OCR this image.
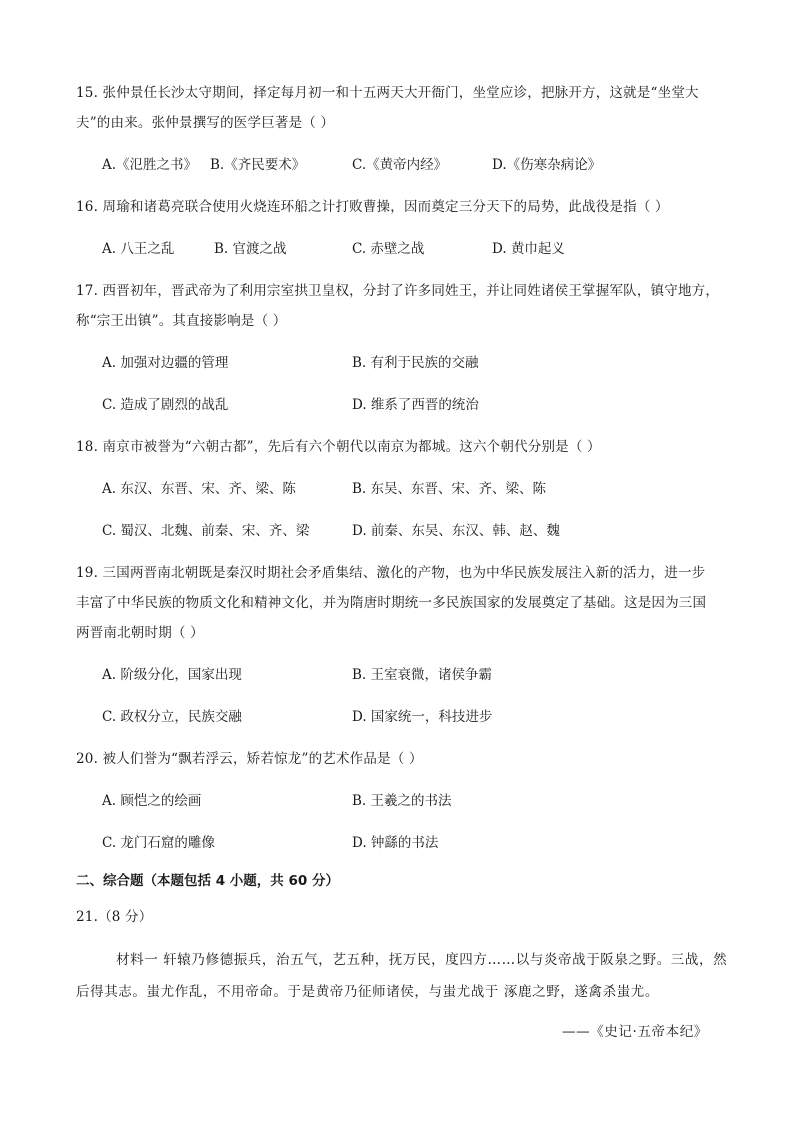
15. 张仲景任长沙太守期间，择定每月初一和十五两天大开衙门，坐堂应诊，把脉开方，这就是“坐堂大
夫”的由来。张仲景撰写的医学巨著是（ ）
A.《氾胜之书》 B.《齐民要术》	C.《黄帝内经》	D.《伤寒杂病论》
16. 周瑜和诸葛亮联合使用火烧连环船之计打败曹操，因而奠定三分天下的局势，此战役是指（ ）
A. 八王之乱	B. 官渡之战	C. 赤壁之战	D. 黄巾起义
17. 西晋初年，晋武帝为了利用宗室拱卫皇权，分封了许多同姓王，并让同姓诸侯王掌握军队，镇守地方，
称“宗王出镇”。其直接影响是（ ）
A. 加强对边疆的管理	B. 有利于民族的交融
C. 造成了剧烈的战乱	D. 维系了西晋的统治
18. 南京市被誉为“六朝古都”，先后有六个朝代以南京为都城。这六个朝代分别是（ ）
A. 东汉、东晋、宋、齐、梁、陈	B. 东吴、东晋、宋、齐、梁、陈
C. 蜀汉、北魏、前秦、宋、齐、梁	D. 前秦、东吴、东汉、韩、赵、魏
19. 三国两晋南北朝既是秦汉时期社会矛盾集结、激化的产物，也为中华民族发展注入新的活力，进一步
丰富了中华民族的物质文化和精神文化，并为隋唐时期统一多民族国家的发展奠定了基础。这是因为三国
两晋南北朝时期（ ）
A. 阶级分化，国家出现	B. 王室衰微，诸侯争霸
C. 政权分立，民族交融	D. 国家统一，科技进步
20. 被人们誉为“飘若浮云，矫若惊龙”的艺术作品是（ ）
A. 顾恺之的绘画	B. 王羲之的书法
C. 龙门石窟的雕像	D. 钟繇的书法
二、综合题（本题包括 4 小题，共 60 分）
21.（8 分）
材料一 轩辕乃修德振兵，治五气，艺五种，抚万民，度四方……以与炎帝战于阪泉之野。三战，然
后得其志。蚩尤作乱，不用帝命。于是黄帝乃征师诸侯，与蚩尤战于 涿鹿之野，遂禽杀蚩尤。
——《史记·五帝本纪》
